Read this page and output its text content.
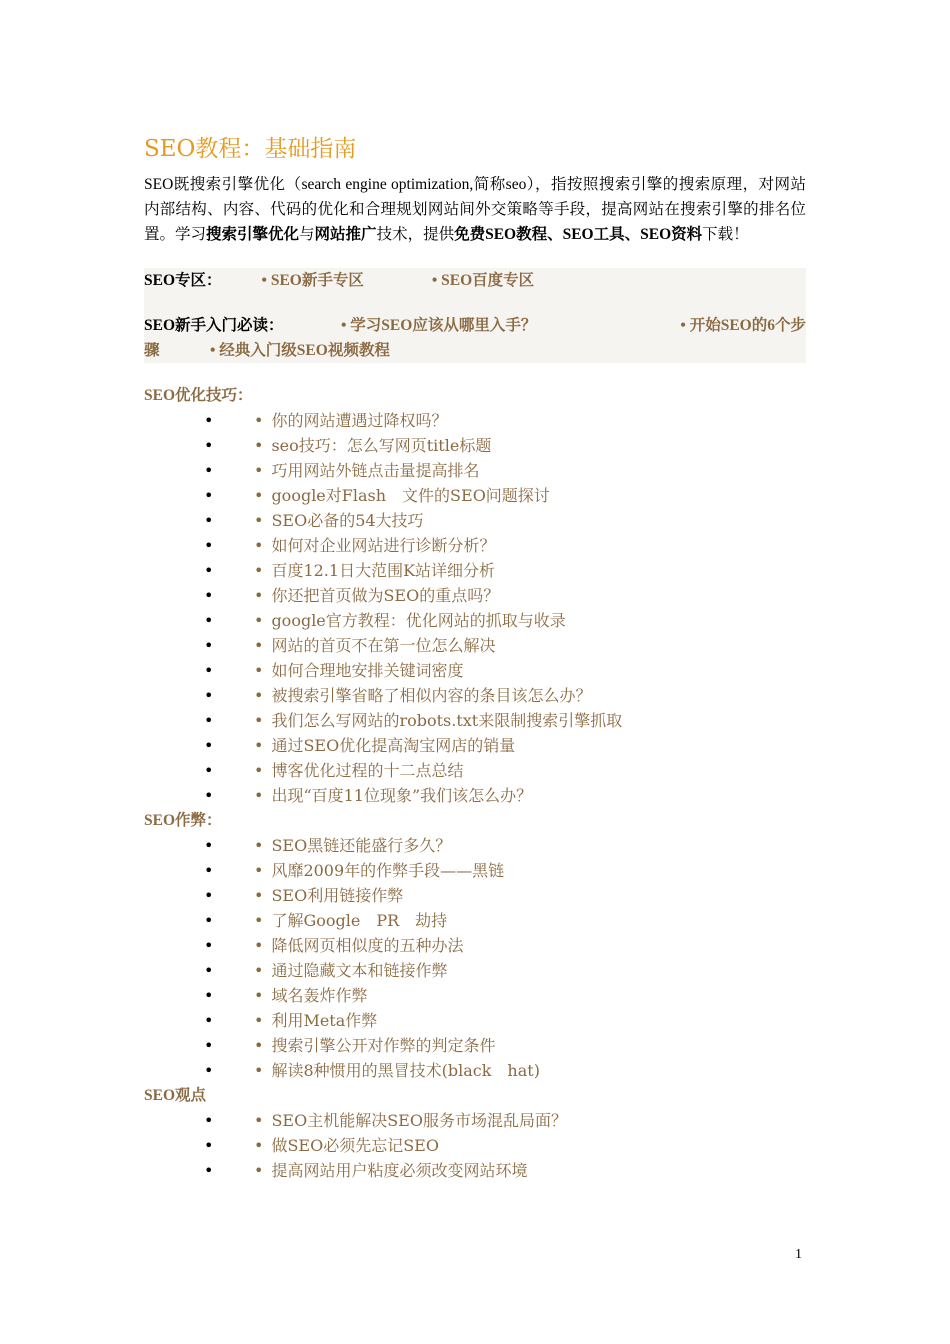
SEO教程：基础指南

SEO既搜索引擎优化（search engine optimization,简称seo），指按照搜索引擎的搜索原理，对网站内部结构、内容、代码的优化和合理规划网站间外交策略等手段，提高网站在搜索引擎的排名位置。学习搜索引擎优化与网站推广技术，提供免费SEO教程、SEO工具、SEO资料下载！

SEO专区：	• SEO新手专区	• SEO百度专区
SEO新手入门必读：	• 学习SEO应该从哪里入手？	• 开始SEO的6个步
骤	• 经典入门级SEO视频教程

SEO优化技巧：

•	• 你的网站遭遇过降权吗？
•	• seo技巧：怎么写网页title标题
•	• 巧用网站外链点击量提高排名
•	• google对Flash　文件的SEO问题探讨
•	• SEO必备的54大技巧
•	• 如何对企业网站进行诊断分析？
•	• 百度12.1日大范围K站详细分析
•	• 你还把首页做为SEO的重点吗？
•	• google官方教程：优化网站的抓取与收录
•	• 网站的首页不在第一位怎么解决
•	• 如何合理地安排关键词密度
•	• 被搜索引擎省略了相似内容的条目该怎么办？
•	• 我们怎么写网站的robots.txt来限制搜索引擎抓取
•	• 通过SEO优化提高淘宝网店的销量
•	• 博客优化过程的十二点总结
•	• 出现“百度11位现象”我们该怎么办？

SEO作弊：

•	• SEO黑链还能盛行多久？
•	• 风靡2009年的作弊手段——黑链
•	• SEO利用链接作弊
•	• 了解Google　PR　劫持
•	• 降低网页相似度的五种办法
•	• 通过隐藏文本和链接作弊
•	• 域名轰炸作弊
•	• 利用Meta作弊
•	• 搜索引擎公开对作弊的判定条件
•	• 解读8种惯用的黑冒技术(black　hat)

SEO观点

•	• SEO主机能解决SEO服务市场混乱局面？
•	• 做SEO必须先忘记SEO
•	• 提高网站用户粘度必须改变网站环境
1
